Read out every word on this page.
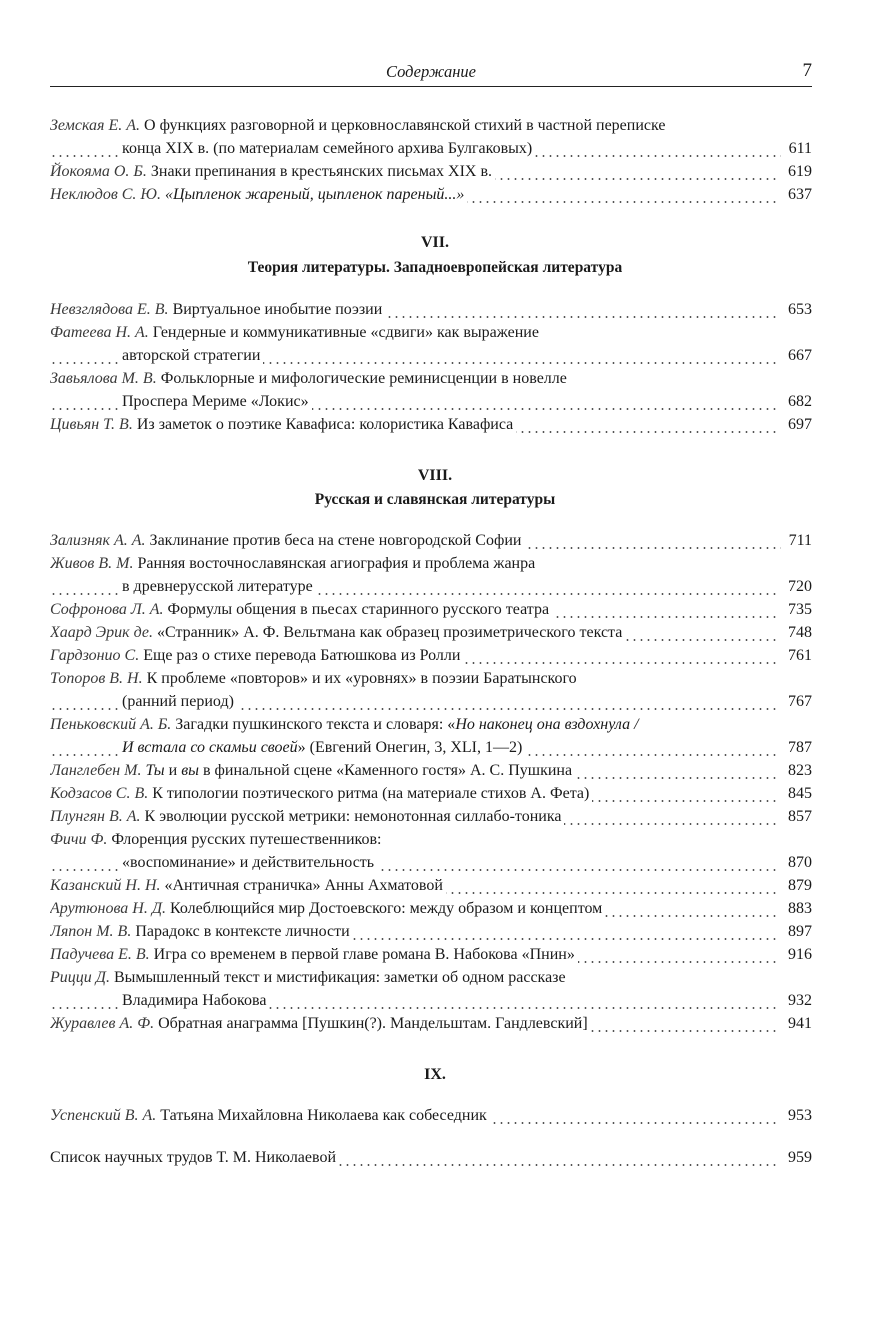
Содержание	7
Земская Е. А. О функциях разговорной и церковнославянской стихий в частной переписке
конца XIX в. (по материалам семейного архива Булгаковых)	611
Йокояма О. Б. Знаки препинания в крестьянских письмах XIX в.	619
Неклюдов С. Ю. «Цыпленок жареный, цыпленок пареный...»	637
VII.
Теория литературы. Западноевропейская литература
Невзглядова Е. В. Виртуальное инобытие поэзии	653
Фатеева Н. А. Гендерные и коммуникативные «сдвиги» как выражение
авторской стратегии	667
Завьялова М. В. Фольклорные и мифологические реминисценции в новелле
Проспера Мериме «Локис»	682
Цивьян Т. В. Из заметок о поэтике Кавафиса: колористика Кавафиса	697
VIII.
Русская и славянская литературы
Зализняк А. А. Заклинание против беса на стене новгородской Софии	711
Живов В. М. Ранняя восточнославянская агиография и проблема жанра
в древнерусской литературе	720
Софронова Л. А. Формулы общения в пьесах старинного русского театра	735
Хаард Эрик де. «Странник» А. Ф. Вельтмана как образец прозиметрического текста	748
Гардзонио С. Еще раз о стихе перевода Батюшкова из Ролли	761
Топоров В. Н. К проблеме «повторов» и их «уровнях» в поэзии Баратынского
(ранний период)	767
Пеньковский А. Б. Загадки пушкинского текста и словаря: «Но наконец она вздохнула /
И встала со скамьи своей» (Евгений Онегин, 3, XLI, 1—2)	787
Ланглебен М. Ты и вы в финальной сцене «Каменного гостя» А. С. Пушкина	823
Кодзасов С. В. К типологии поэтического ритма (на материале стихов А. Фета)	845
Плунгян В. А. К эволюции русской метрики: немонотонная силлабо-тоника	857
Фичи Ф. Флоренция русских путешественников:
«воспоминание» и действительность	870
Казанский Н. Н. «Античная страничка» Анны Ахматовой	879
Арутюнова Н. Д. Колеблющийся мир Достоевского: между образом и концептом	883
Ляпон М. В. Парадокс в контексте личности	897
Падучева Е. В. Игра со временем в первой главе романа В. Набокова «Пнин»	916
Рицци Д. Вымышленный текст и мистификация: заметки об одном рассказе
Владимира Набокова	932
Журавлев А. Ф. Обратная анаграмма [Пушкин(?). Мандельштам. Гандлевский]	941
IX.
Успенский В. А. Татьяна Михайловна Николаева как собеседник	953
Список научных трудов Т. М. Николаевой	959
